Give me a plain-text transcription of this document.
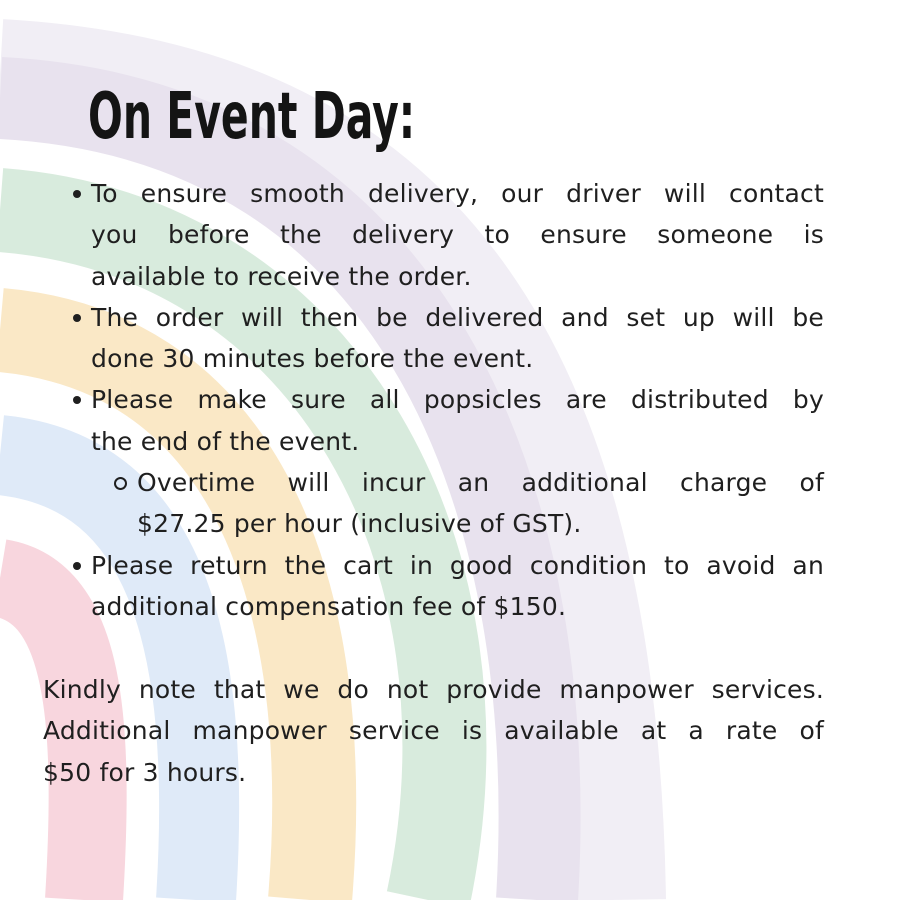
On Event Day:
To ensure smooth delivery, our driver will contact
you before the delivery to ensure someone is
available to receive the order.
The order will then be delivered and set up will be
done 30 minutes before the event.
Please make sure all popsicles are distributed by
the end of the event.
Overtime will incur an additional charge of
$27.25 per hour (inclusive of GST).
Please return the cart in good condition to avoid an
additional compensation fee of $150.
Kindly note that we do not provide manpower services.
Additional manpower service is available at a rate of
$50 for 3 hours.
